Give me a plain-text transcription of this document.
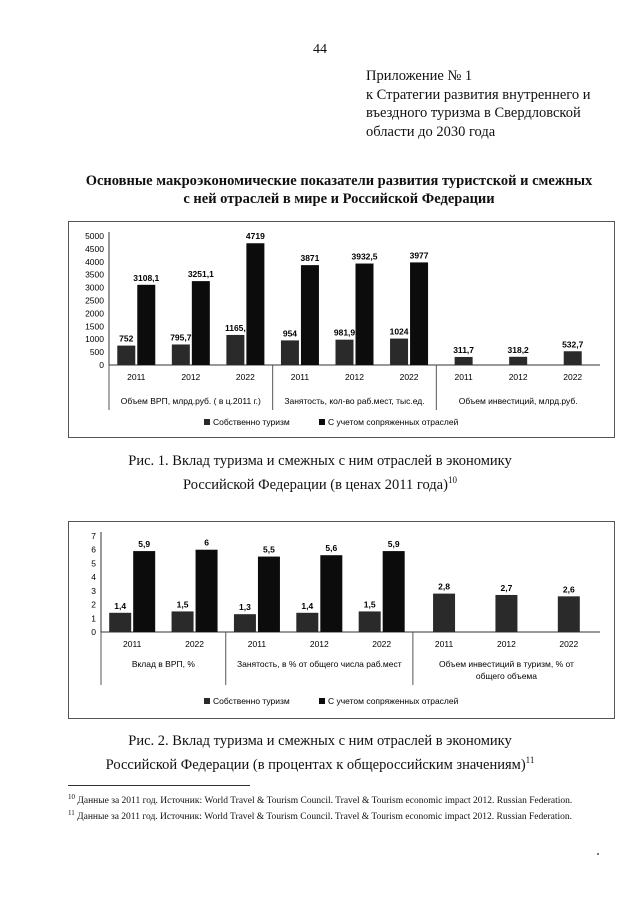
44
Приложение № 1
к Стратегии развития внутреннего и
въездного туризма в Свердловской
области до 2030 года
Основные макроэкономические показатели развития туристской и смежных
с ней отраслей в мире и Российской Федерации
5000
4500
4000
3500
3000
2500
2000
1500
1000
500
0
752
3108,1
2011
795,7
3251,1
2012
1165,
4719
2022
954
3871
2011
981,9
3932,5
2012
1024
3977
2022
311,7
2011
318,2
2012
532,7
2022
Объем ВРП, млрд.руб. ( в ц.2011 г.)	Занятость, кол-во раб.мест, тыс.ед.	Объем инвестиций, млрд.руб.
Собственно туризм	С учетом сопряженных отраслей
Рис. 1. Вклад туризма и смежных с ним отраслей в экономику
Российской Федерации (в ценах 2011 года)$^{10}$
7
6
5
4
3
2
1
0
1,4
5,9
2011
1,5
6
2022
1,3
5,5
2011
1,4
5,6
2012
1,5
5,9
2022
2,8
2011
2,7
2012
2,6
2022
Вклад в ВРП, %	Занятость, в % от общего числа раб.мест	Объем инвестиций в туризм, % от
общего объема
Собственно туризм	С учетом сопряженных отраслей
Рис. 2. Вклад туризма и смежных с ним отраслей в экономику
Российской Федерации (в процентах к общероссийским значениям)$^{11}$
$^{10}$ Данные за 2011 год. Источник: World Travel & Tourism Council. Travel & Tourism economic impact 2012. Russian Federation.
$^{11}$ Данные за 2011 год. Источник: World Travel & Tourism Council. Travel & Tourism economic impact 2012. Russian Federation.
